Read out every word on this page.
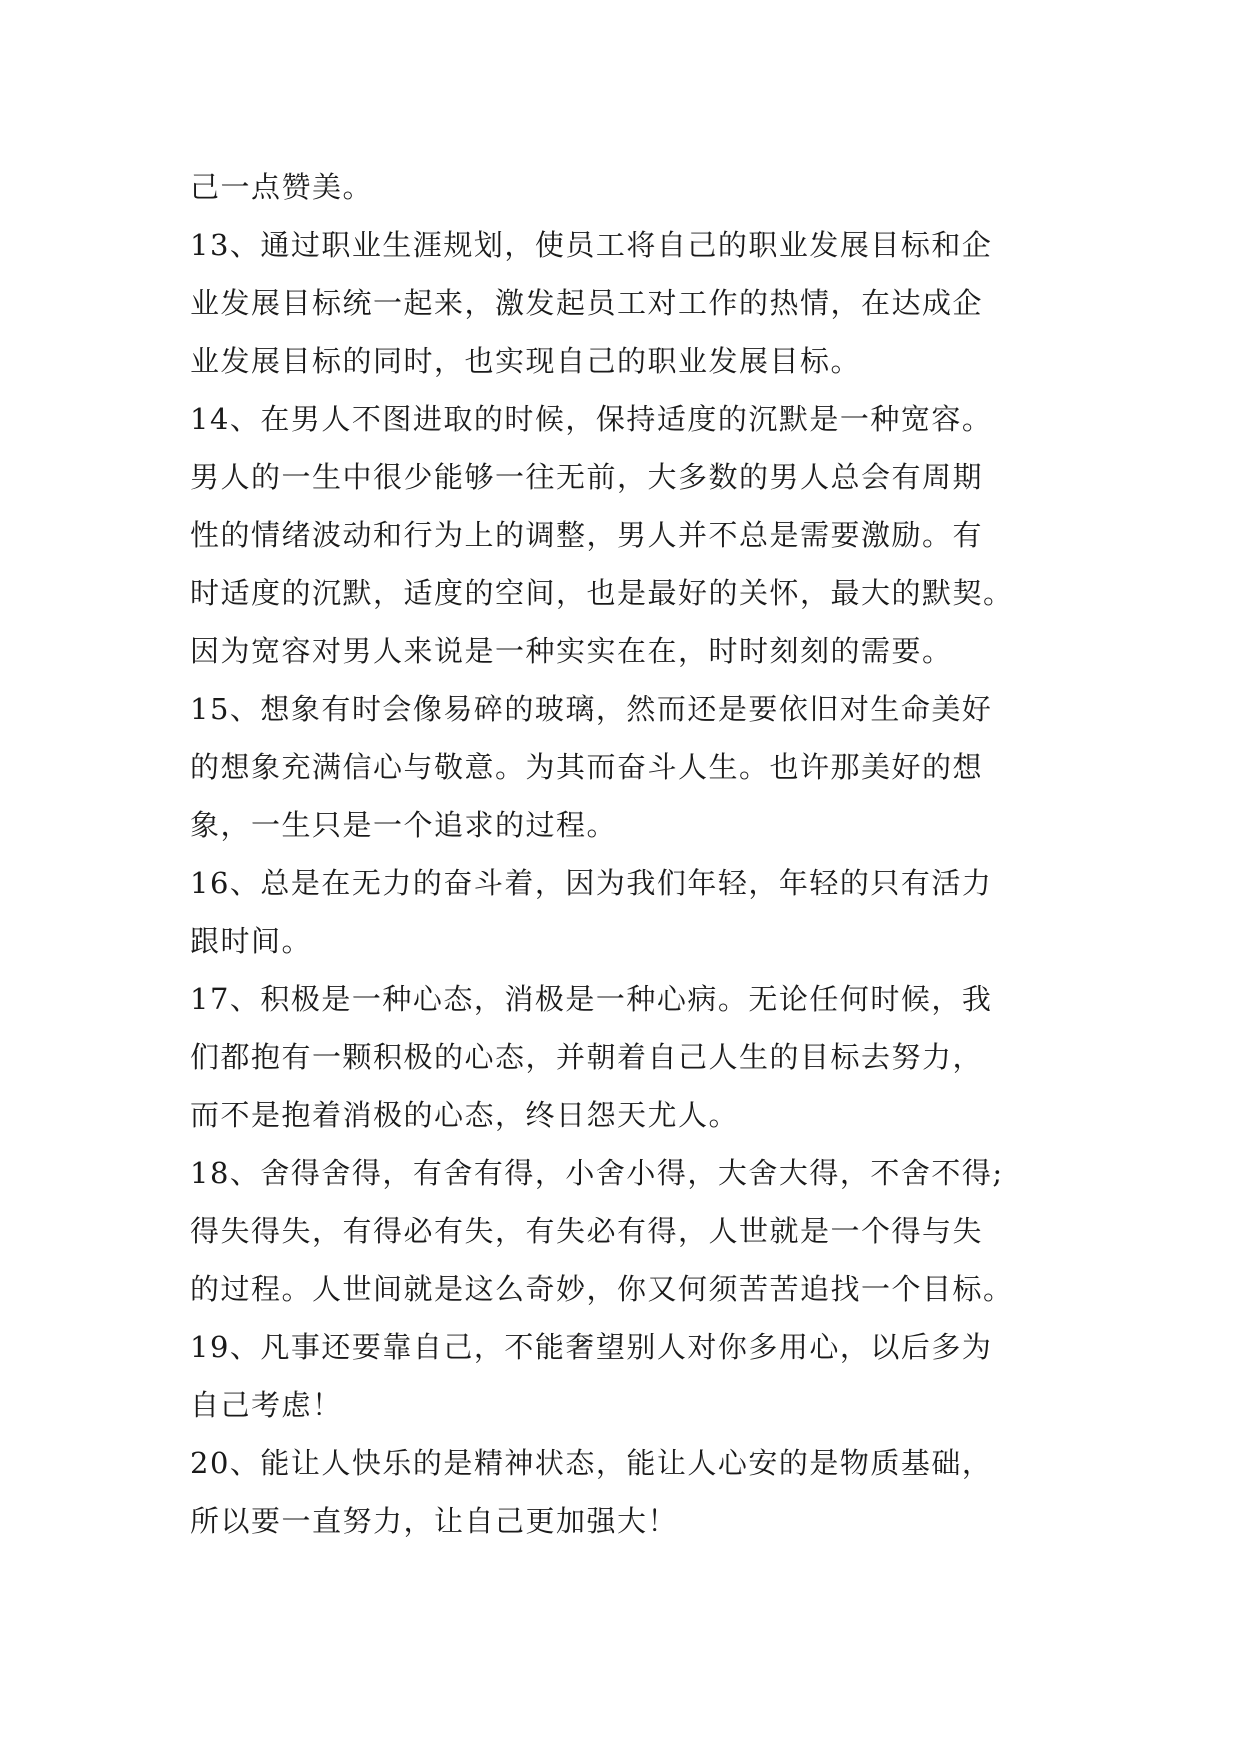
己一点赞美。
13、通过职业生涯规划，使员工将自己的职业发展目标和企
业发展目标统一起来，激发起员工对工作的热情，在达成企
业发展目标的同时，也实现自己的职业发展目标。
14、在男人不图进取的时候，保持适度的沉默是一种宽容。
男人的一生中很少能够一往无前，大多数的男人总会有周期
性的情绪波动和行为上的调整，男人并不总是需要激励。有
时适度的沉默，适度的空间，也是最好的关怀，最大的默契。
因为宽容对男人来说是一种实实在在，时时刻刻的需要。
15、想象有时会像易碎的玻璃，然而还是要依旧对生命美好
的想象充满信心与敬意。为其而奋斗人生。也许那美好的想
象，一生只是一个追求的过程。
16、总是在无力的奋斗着，因为我们年轻，年轻的只有活力
跟时间。
17、积极是一种心态，消极是一种心病。无论任何时候，我
们都抱有一颗积极的心态，并朝着自己人生的目标去努力，
而不是抱着消极的心态，终日怨天尤人。
18、舍得舍得，有舍有得，小舍小得，大舍大得，不舍不得;
得失得失，有得必有失，有失必有得，人世就是一个得与失
的过程。人世间就是这么奇妙，你又何须苦苦追找一个目标。
19、凡事还要靠自己，不能奢望别人对你多用心，以后多为
自己考虑！
20、能让人快乐的是精神状态，能让人心安的是物质基础，
所以要一直努力，让自己更加强大！
